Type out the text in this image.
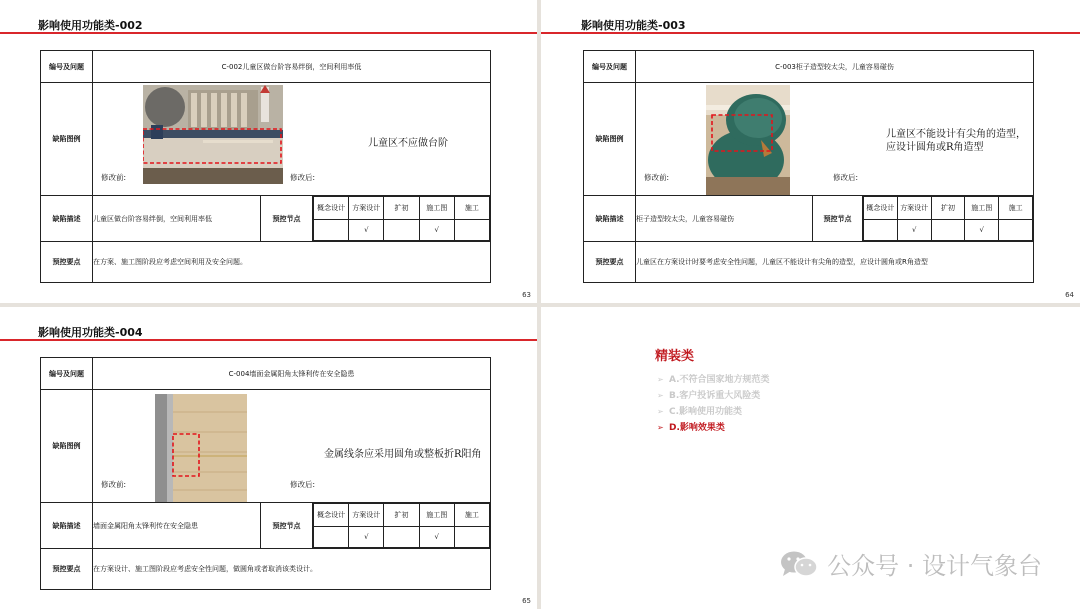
影响使用功能类-002
编号及问题	C-002儿童区做台阶容易绊倒，空间利用率低
缺陷图例	
修改前:	修改后:
儿童区不应做台阶

缺陷描述	儿童区做台阶容易绊倒，空间利用率低	预控节点	
概念设计	方案设计	扩初	施工图	施工
	√		√	

预控要点	在方案、施工图阶段应考虑空间利用及安全问题。
63
影响使用功能类-003
编号及问题	C-003柜子造型较太尖，儿童容易碰伤
缺陷图例	
修改前:	修改后:
儿童区不能设计有尖角的造型，
应设计圆角或R角造型

缺陷描述	柜子造型较太尖，儿童容易碰伤	预控节点	
概念设计	方案设计	扩初	施工图	施工
	√		√	

预控要点	儿童区在方案设计时要考虑安全性问题，儿童区不能设计有尖角的造型，应设计圆角或R角造型
64
影响使用功能类-004
编号及问题	C-004墙面金属阳角太锋利传在安全隐患
缺陷图例	
修改前:	修改后:
金属线条应采用圆角或整板折R阳角

缺陷描述	墙面金属阳角太锋利传在安全隐患	预控节点	
概念设计	方案设计	扩初	施工图	施工
	√		√	

预控要点	在方案设计、施工图阶段应考虑安全性问题，做圆角或者取消该类设计。
65
精装类
➢ A.不符合国家地方规范类
➢ B.客户投诉重大风险类
➢ C.影响使用功能类
➢ D.影响效果类
公众号 · 设计气象台
